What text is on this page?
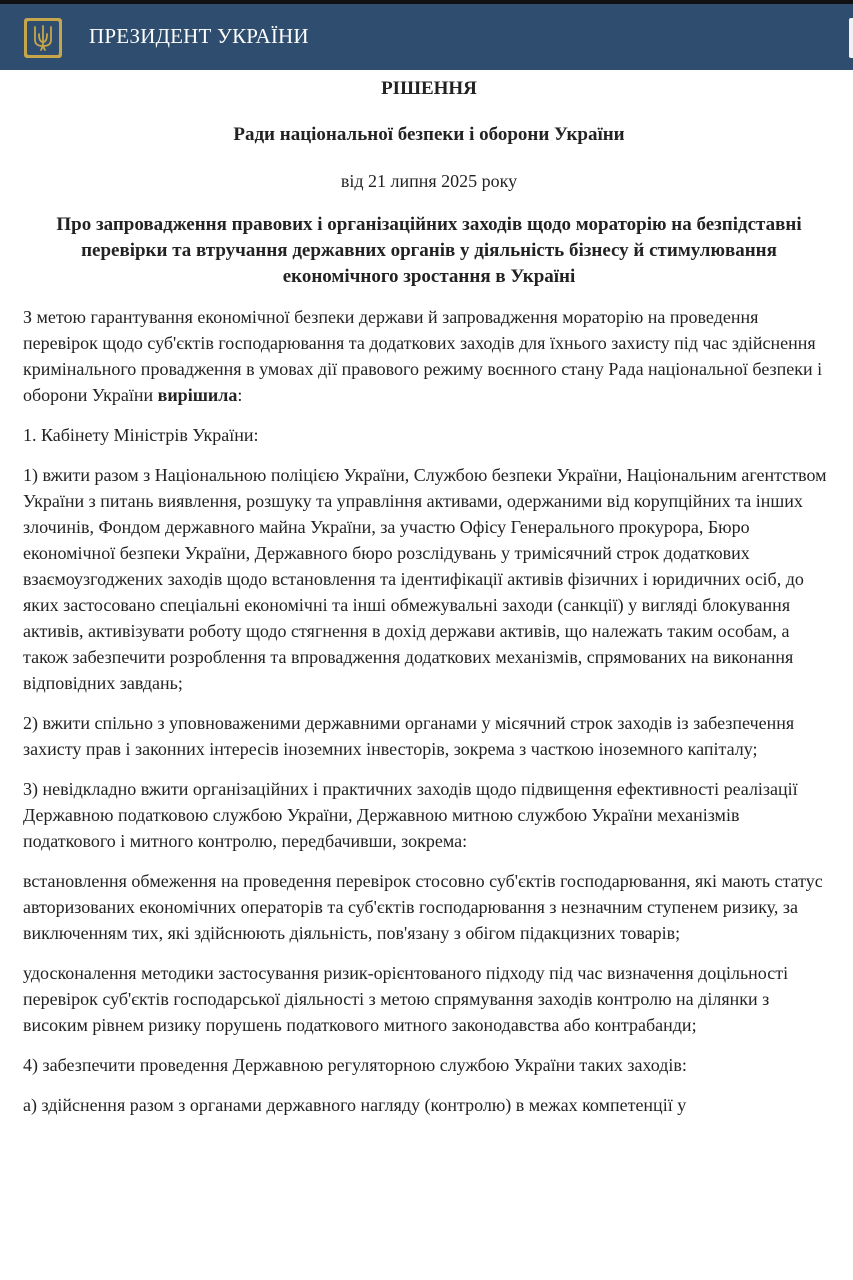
ПРЕЗИДЕНТ УКРАЇНИ
РІШЕННЯ
Ради національної безпеки і оборони України
від 21 липня 2025 року
Про запровадження правових і організаційних заходів щодо мораторію на безпідставні перевірки та втручання державних органів у діяльність бізнесу й стимулювання економічного зростання в Україні

З метою гарантування економічної безпеки держави й запровадження мораторію на проведення перевірок щодо суб'єктів господарювання та додаткових заходів для їхнього захисту під час здійснення кримінального провадження в умовах дії правового режиму воєнного стану Рада національної безпеки і оборони України вирішила:

1. Кабінету Міністрів України:

1) вжити разом з Національною поліцією України, Службою безпеки України, Національним агентством України з питань виявлення, розшуку та управління активами, одержаними від корупційних та інших злочинів, Фондом державного майна України, за участю Офісу Генерального прокурора, Бюро економічної безпеки України, Державного бюро розслідувань у тримісячний строк додаткових взаємоузгоджених заходів щодо встановлення та ідентифікації активів фізичних і юридичних осіб, до яких застосовано спеціальні економічні та інші обмежувальні заходи (санкції) у вигляді блокування активів, активізувати роботу щодо стягнення в дохід держави активів, що належать таким особам, а також забезпечити розроблення та впровадження додаткових механізмів, спрямованих на виконання відповідних завдань;

2) вжити спільно з уповноваженими державними органами у місячний строк заходів із забезпечення захисту прав і законних інтересів іноземних інвесторів, зокрема з часткою іноземного капіталу;

3) невідкладно вжити організаційних і практичних заходів щодо підвищення ефективності реалізації Державною податковою службою України, Державною митною службою України механізмів податкового і митного контролю, передбачивши, зокрема:

встановлення обмеження на проведення перевірок стосовно суб'єктів господарювання, які мають статус авторизованих економічних операторів та суб'єктів господарювання з незначним ступенем ризику, за виключенням тих, які здійснюють діяльність, пов'язану з обігом підакцизних товарів;

удосконалення методики застосування ризик-орієнтованого підходу під час визначення доцільності перевірок суб'єктів господарської діяльності з метою спрямування заходів контролю на ділянки з високим рівнем ризику порушень податкового митного законодавства або контрабанди;

4) забезпечити проведення Державною регуляторною службою України таких заходів:

а) здійснення разом з органами державного нагляду (контролю) в межах компетенції у
